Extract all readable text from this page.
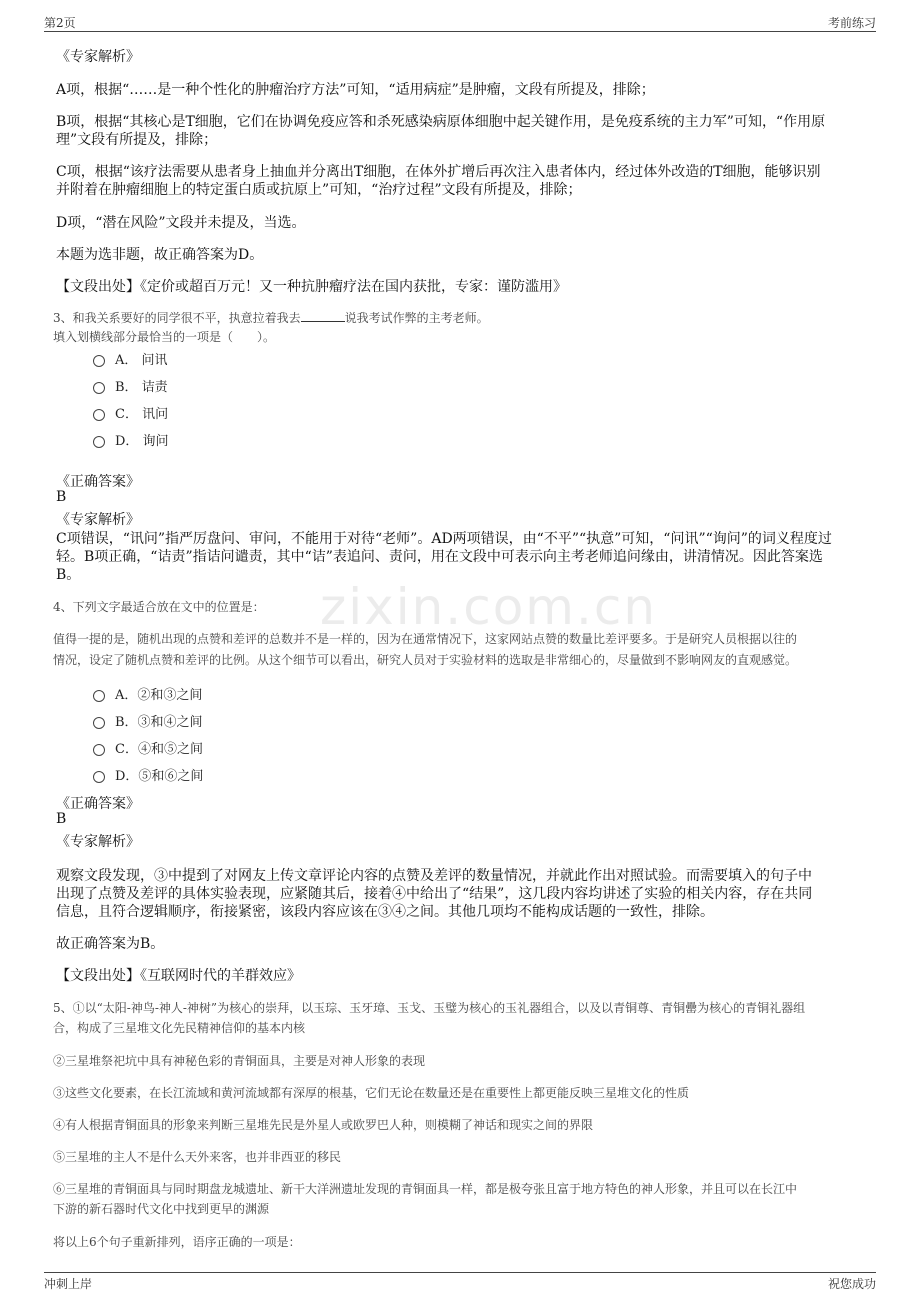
第2页	考前练习
zixin.com.cn
《专家解析》
A项，根据“……是一种个性化的肿瘤治疗方法”可知，“适用病症”是肿瘤，文段有所提及，排除；
B项，根据“其核心是T细胞，它们在协调免疫应答和杀死感染病原体细胞中起关键作用，是免疫系统的主力军”可知，“作用原
理”文段有所提及，排除；
C项，根据“该疗法需要从患者身上抽血并分离出T细胞，在体外扩增后再次注入患者体内，经过体外改造的T细胞，能够识别
并附着在肿瘤细胞上的特定蛋白质或抗原上”可知，“治疗过程”文段有所提及，排除；
D项，“潜在风险”文段并未提及，当选。
本题为选非题，故正确答案为D。
【文段出处】《定价或超百万元！又一种抗肿瘤疗法在国内获批，专家：谨防滥用》
3、和我关系要好的同学很不平，执意拉着我去	说我考试作弊的主考老师。
填入划横线部分最恰当的一项是（　　）。
A． 问讯
B． 诘责
C． 讯问
D． 询问
《正确答案》
B
《专家解析》
C项错误，“讯问”指严厉盘问、审问，不能用于对待“老师”。AD两项错误，由“不平”“执意”可知，“问讯”“询问”的词义程度过
轻。B项正确，“诘责”指诘问谴责，其中“诘”表追问、责问，用在文段中可表示向主考老师追问缘由，讲清情况。因此答案选
B。
4、下列文字最适合放在文中的位置是：
值得一提的是，随机出现的点赞和差评的总数并不是一样的，因为在通常情况下，这家网站点赞的数量比差评要多。于是研究人员根据以往的
情况，设定了随机点赞和差评的比例。从这个细节可以看出，研究人员对于实验材料的选取是非常细心的，尽量做到不影响网友的直观感觉。
A．②和③之间
B．③和④之间
C．④和⑤之间
D．⑤和⑥之间
《正确答案》
B
《专家解析》
观察文段发现，③中提到了对网友上传文章评论内容的点赞及差评的数量情况，并就此作出对照试验。而需要填入的句子中
出现了点赞及差评的具体实验表现，应紧随其后，接着④中给出了“结果”，这几段内容均讲述了实验的相关内容，存在共同
信息，且符合逻辑顺序，衔接紧密，该段内容应该在③④之间。其他几项均不能构成话题的一致性，排除。
故正确答案为B。
【文段出处】《互联网时代的羊群效应》
5、①以“太阳-神鸟-神人-神树”为核心的崇拜，以玉琮、玉牙璋、玉戈、玉璧为核心的玉礼器组合，以及以青铜尊、青铜罍为核心的青铜礼器组
合，构成了三星堆文化先民精神信仰的基本内核
②三星堆祭祀坑中具有神秘色彩的青铜面具，主要是对神人形象的表现
③这些文化要素，在长江流域和黄河流域都有深厚的根基，它们无论在数量还是在重要性上都更能反映三星堆文化的性质
④有人根据青铜面具的形象来判断三星堆先民是外星人或欧罗巴人种，则模糊了神话和现实之间的界限
⑤三星堆的主人不是什么天外来客，也并非西亚的移民
⑥三星堆的青铜面具与同时期盘龙城遗址、新干大洋洲遗址发现的青铜面具一样，都是极夸张且富于地方特色的神人形象，并且可以在长江中
下游的新石器时代文化中找到更早的渊源
将以上6个句子重新排列，语序正确的一项是：
冲刺上岸	祝您成功
